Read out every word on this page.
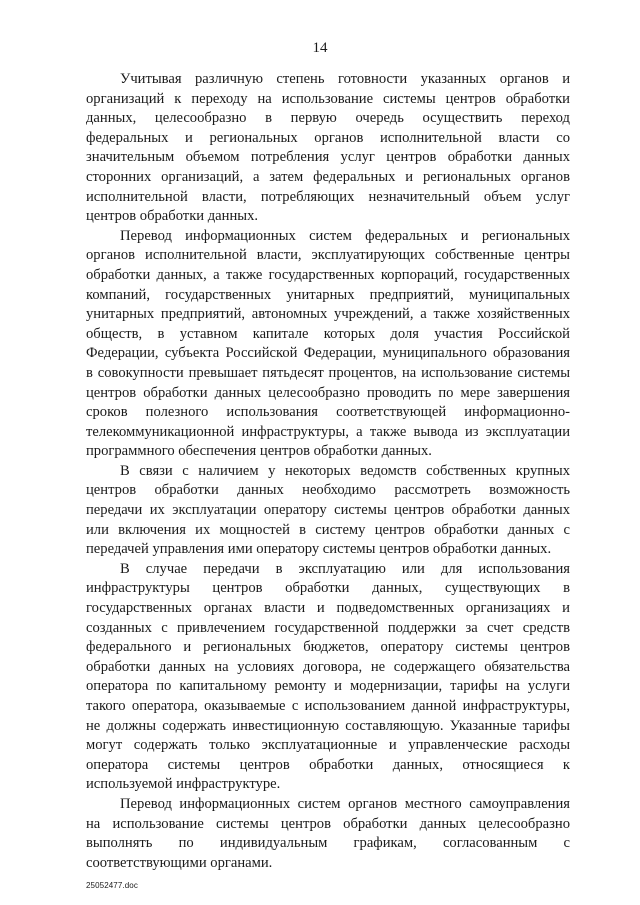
14
Учитывая различную степень готовности указанных органов и
организаций к переходу на использование системы центров обработки
данных, целесообразно в первую очередь осуществить переход
федеральных и региональных органов исполнительной власти со
значительным объемом потребления услуг центров обработки данных
сторонних организаций, а затем федеральных и региональных органов
исполнительной власти, потребляющих незначительный объем услуг
центров обработки данных.
Перевод информационных систем федеральных и региональных
органов исполнительной власти, эксплуатирующих собственные центры
обработки данных, а также государственных корпораций, государственных
компаний, государственных унитарных предприятий, муниципальных
унитарных предприятий, автономных учреждений, а также хозяйственных
обществ, в уставном капитале которых доля участия Российской
Федерации, субъекта Российской Федерации, муниципального образования
в совокупности превышает пятьдесят процентов, на использование системы
центров обработки данных целесообразно проводить по мере завершения
сроков полезного использования соответствующей информационно-
телекоммуникационной инфраструктуры, а также вывода из эксплуатации
программного обеспечения центров обработки данных.
В связи с наличием у некоторых ведомств собственных крупных
центров обработки данных необходимо рассмотреть возможность
передачи их эксплуатации оператору системы центров обработки данных
или включения их мощностей в систему центров обработки данных с
передачей управления ими оператору системы центров обработки данных.
В случае передачи в эксплуатацию или для использования
инфраструктуры центров обработки данных, существующих в
государственных органах власти и подведомственных организациях и
созданных с привлечением государственной поддержки за счет средств
федерального и региональных бюджетов, оператору системы центров
обработки данных на условиях договора, не содержащего обязательства
оператора по капитальному ремонту и модернизации, тарифы на услуги
такого оператора, оказываемые с использованием данной инфраструктуры,
не должны содержать инвестиционную составляющую. Указанные тарифы
могут содержать только эксплуатационные и управленческие расходы
оператора системы центров обработки данных, относящиеся к
используемой инфраструктуре.
Перевод информационных систем органов местного самоуправления
на использование системы центров обработки данных целесообразно
выполнять по индивидуальным графикам, согласованным с
соответствующими органами.
25052477.doc
